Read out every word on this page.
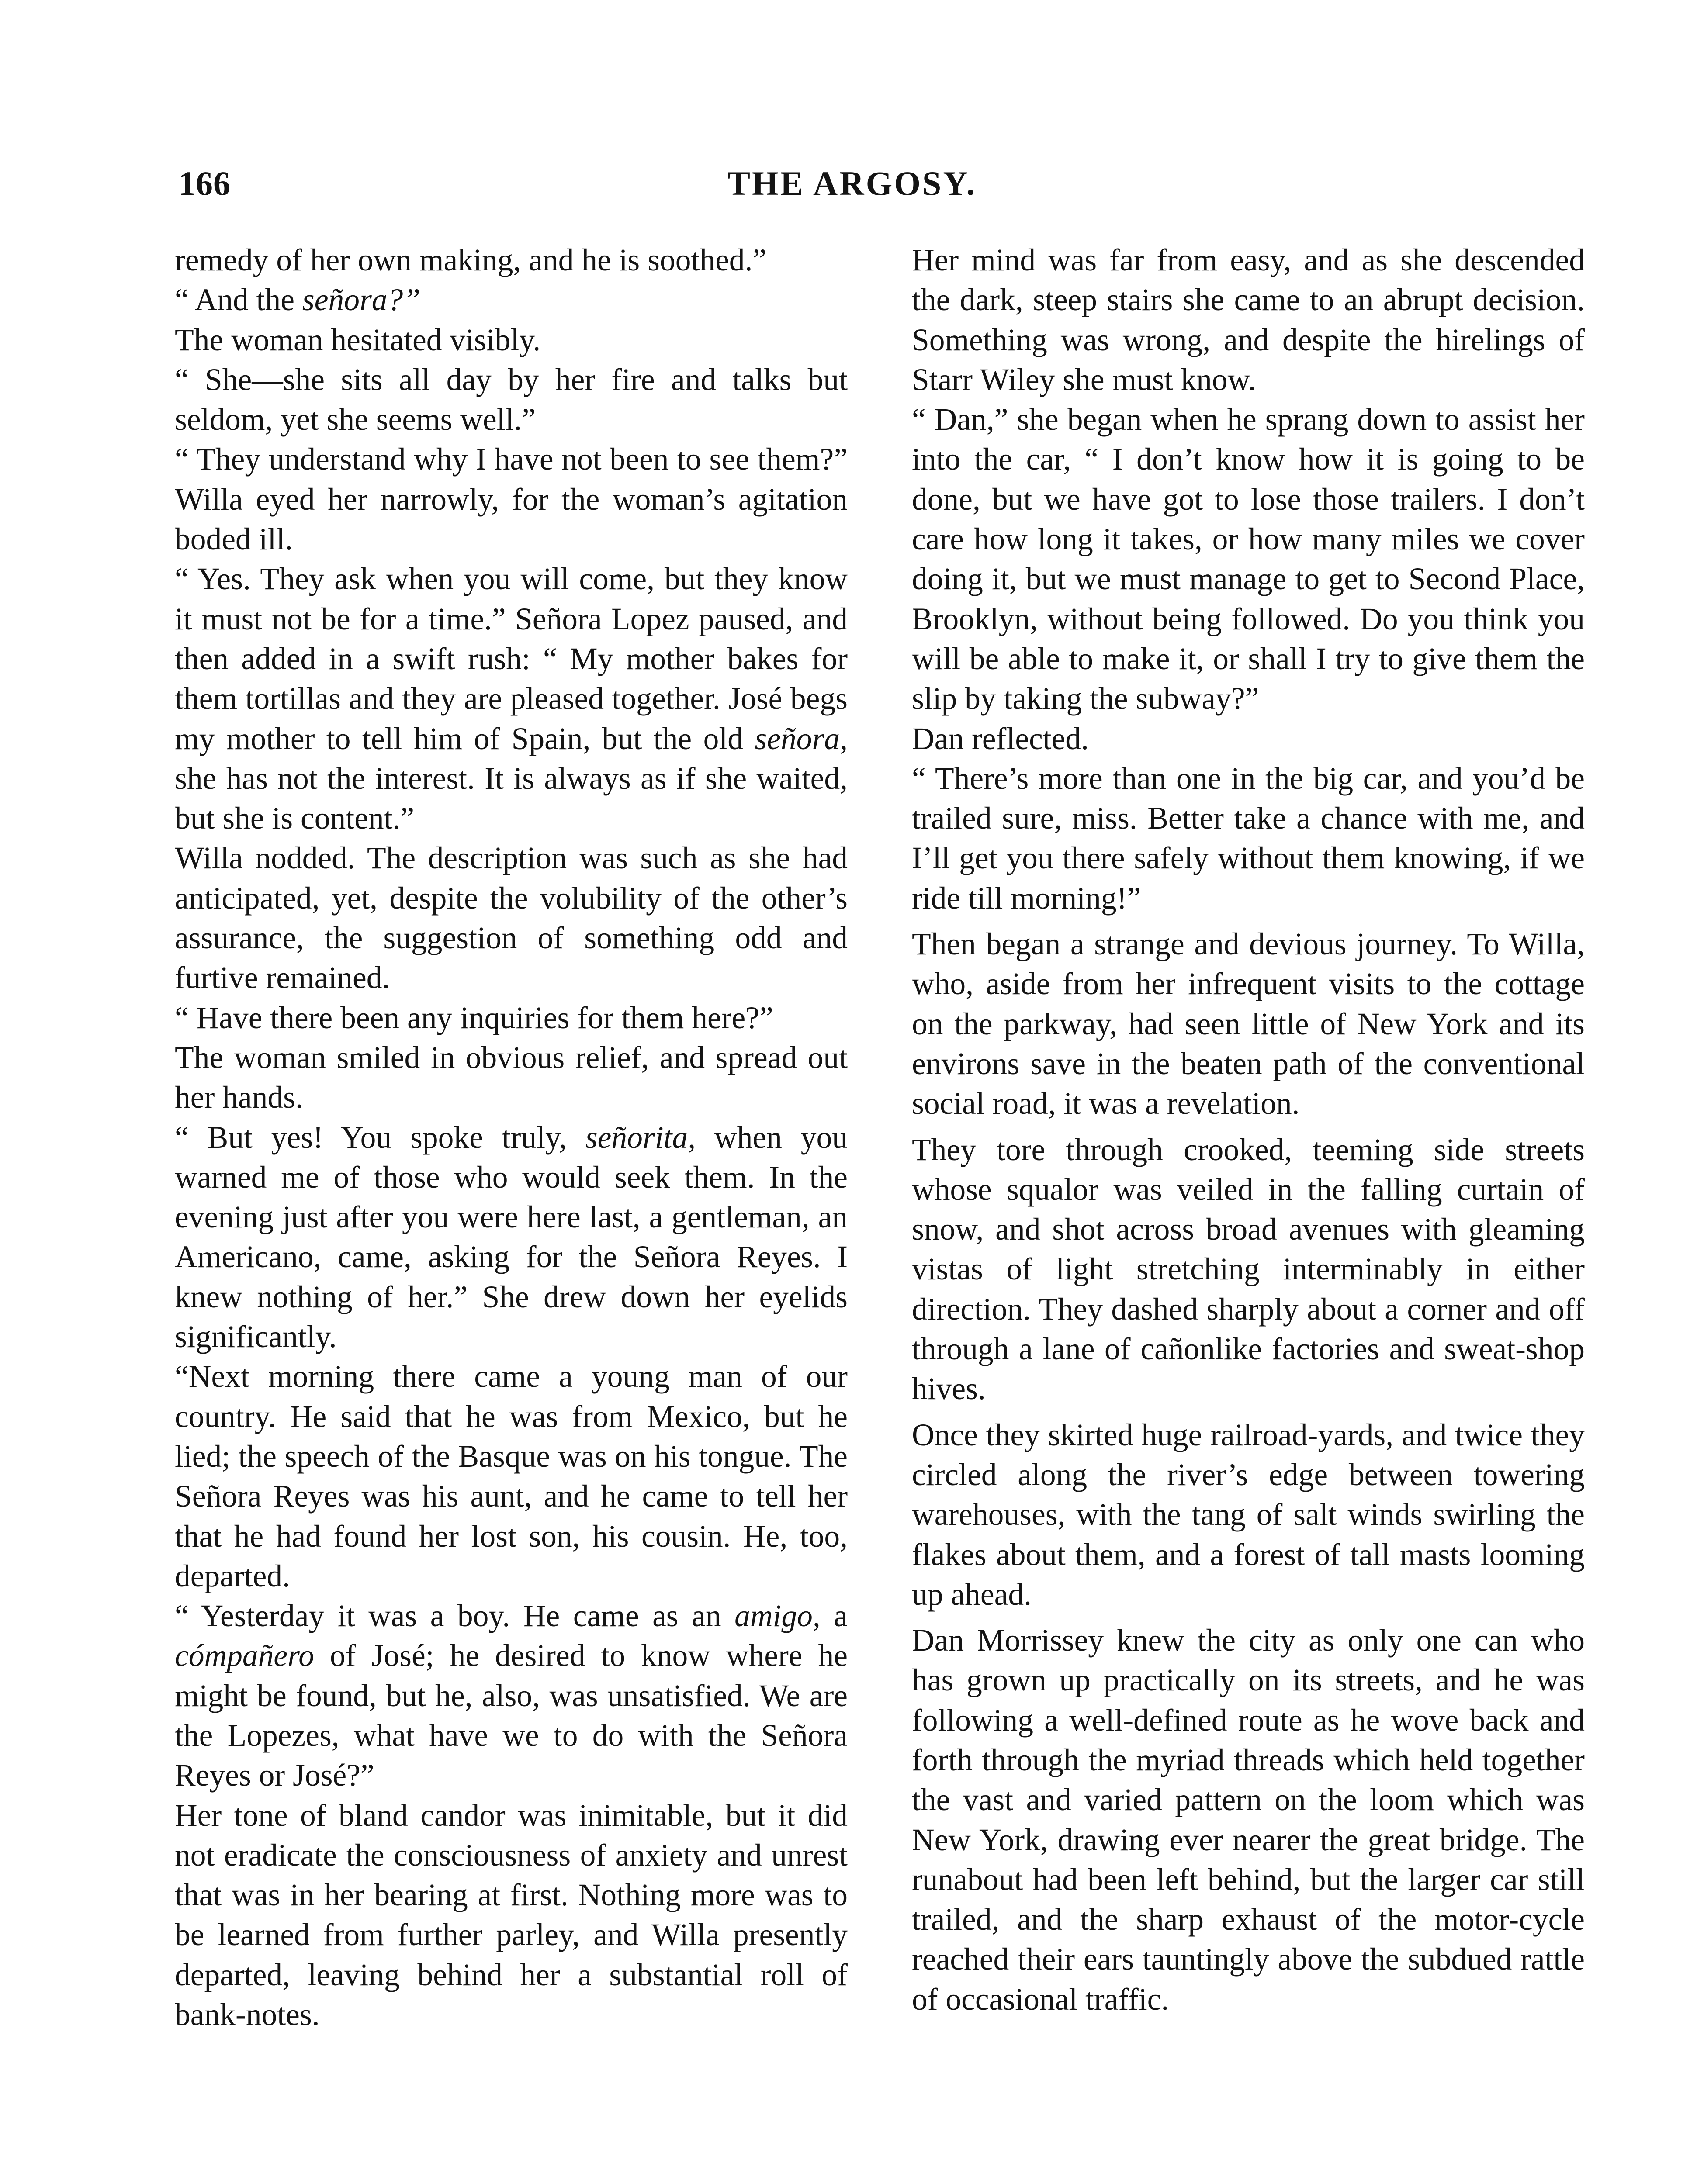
166	THE ARGOSY.

remedy of her own making, and he is soothed.”

“ And the señora?”

The woman hesitated visibly.

“ She—she sits all day by her fire and talks but seldom, yet she seems well.”

“ They understand why I have not been to see them?” Willa eyed her narrowly, for the woman’s agitation boded ill.

“ Yes. They ask when you will come, but they know it must not be for a time.” Señora Lopez paused, and then added in a swift rush: “ My mother bakes for them tortillas and they are pleased together. José begs my mother to tell him of Spain, but the old señora, she has not the interest. It is always as if she waited, but she is content.”

Willa nodded. The description was such as she had anticipated, yet, despite the volubility of the other’s assurance, the suggestion of something odd and furtive remained.

“ Have there been any inquiries for them here?”

The woman smiled in obvious relief, and spread out her hands.

“ But yes! You spoke truly, señorita, when you warned me of those who would seek them. In the evening just after you were here last, a gentleman, an Americano, came, asking for the Señora Reyes. I knew nothing of her.” She drew down her eyelids significantly.

“Next morning there came a young man of our country. He said that he was from Mexico, but he lied; the speech of the Basque was on his tongue. The Señora Reyes was his aunt, and he came to tell her that he had found her lost son, his cousin. He, too, departed.

“ Yesterday it was a boy. He came as an amigo, a cómpañero of José; he desired to know where he might be found, but he, also, was unsatisfied. We are the Lopezes, what have we to do with the Señora Reyes or José?”

Her tone of bland candor was inimitable, but it did not eradicate the consciousness of anxiety and unrest that was in her bearing at first. Nothing more was to be learned from further parley, and Willa presently departed, leaving behind her a substantial roll of bank-notes.

Her mind was far from easy, and as she descended the dark, steep stairs she came to an abrupt decision. Something was wrong, and despite the hirelings of Starr Wiley she must know.

“ Dan,” she began when he sprang down to assist her into the car, “ I don’t know how it is going to be done, but we have got to lose those trailers. I don’t care how long it takes, or how many miles we cover doing it, but we must manage to get to Second Place, Brooklyn, without being followed. Do you think you will be able to make it, or shall I try to give them the slip by taking the subway?”

Dan reflected.

“ There’s more than one in the big car, and you’d be trailed sure, miss. Better take a chance with me, and I’ll get you there safely without them knowing, if we ride till morning!”

Then began a strange and devious journey. To Willa, who, aside from her infrequent visits to the cottage on the parkway, had seen little of New York and its environs save in the beaten path of the conventional social road, it was a revelation.

They tore through crooked, teeming side streets whose squalor was veiled in the falling curtain of snow, and shot across broad avenues with gleaming vistas of light stretching interminably in either direction. They dashed sharply about a corner and off through a lane of cañonlike factories and sweat-shop hives.

Once they skirted huge railroad-yards, and twice they circled along the river’s edge between towering warehouses, with the tang of salt winds swirling the flakes about them, and a forest of tall masts looming up ahead.

Dan Morrissey knew the city as only one can who has grown up practically on its streets, and he was following a well-defined route as he wove back and forth through the myriad threads which held together the vast and varied pattern on the loom which was New York, drawing ever nearer the great bridge. The runabout had been left behind, but the larger car still trailed, and the sharp exhaust of the motor-cycle reached their ears tauntingly above the subdued rattle of occasional traffic.
